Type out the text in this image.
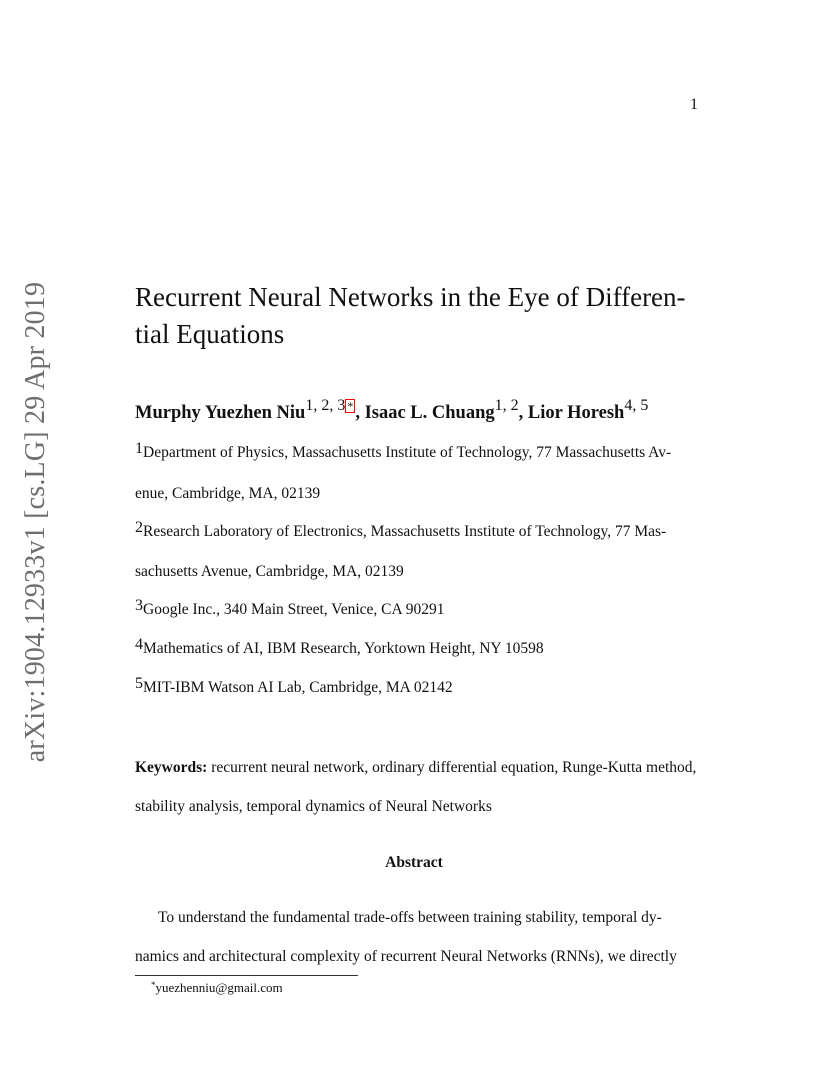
1
arXiv:1904.12933v1 [cs.LG] 29 Apr 2019	Recurrent Neural Networks in the Eye of Differen-
tial Equations
Murphy Yuezhen Niu$^{1, 2, 3}$ * , Isaac L. Chuang$^{1, 2}$, Lior Horesh$^{4, 5}$
1Department of Physics, Massachusetts Institute of Technology, 77 Massachusetts Av-
enue, Cambridge, MA, 02139
2Research Laboratory of Electronics, Massachusetts Institute of Technology, 77 Mas-
sachusetts Avenue, Cambridge, MA, 02139
3Google Inc., 340 Main Street, Venice, CA 90291
4Mathematics of AI, IBM Research, Yorktown Height, NY 10598
5MIT-IBM Watson AI Lab, Cambridge, MA 02142
Keywords: recurrent neural network, ordinary differential equation, Runge-Kutta method,
stability analysis, temporal dynamics of Neural Networks
Abstract
To understand the fundamental trade-offs between training stability, temporal dy-
namics and architectural complexity of recurrent Neural Networks (RNNs), we directly
*yuezhenniu@gmail.com
